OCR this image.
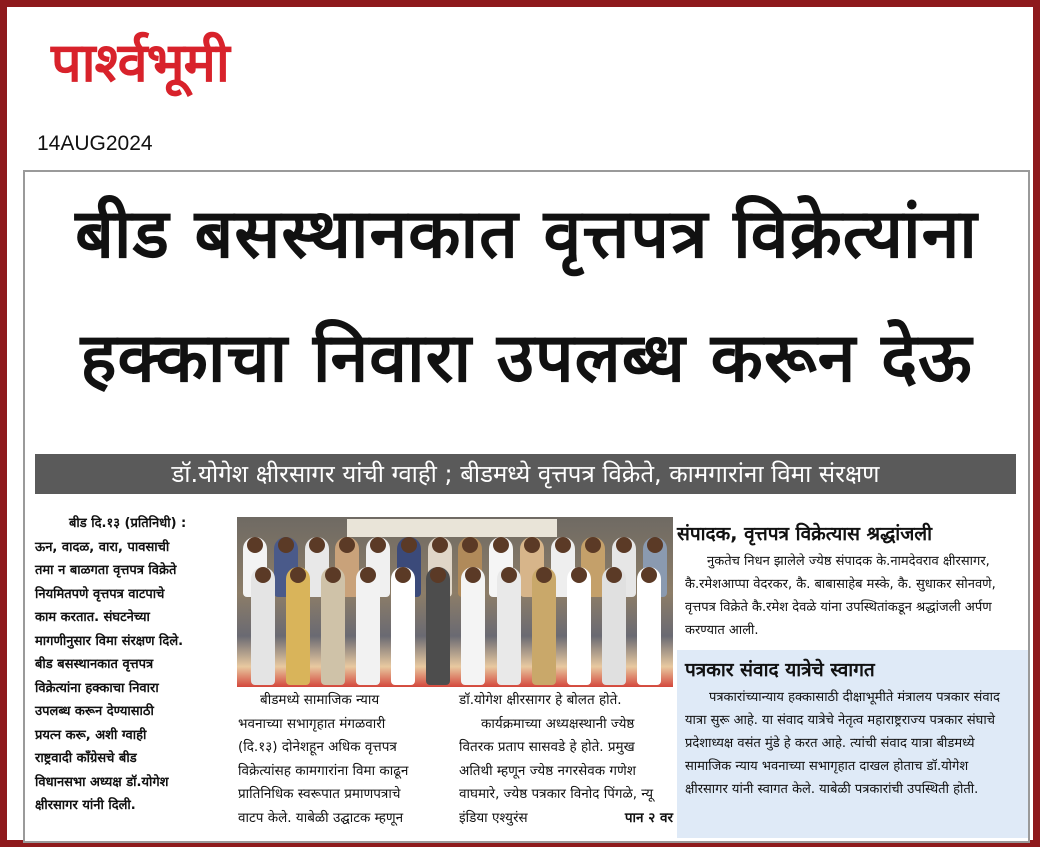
पार्श्वभूमी
14AUG2024
बीड बसस्थानकात वृत्तपत्र विक्रेत्यांना
हक्काचा निवारा उपलब्ध करून देऊ
डॉ.योगेश क्षीरसागर यांची ग्वाही ; बीडमध्ये वृत्तपत्र विक्रेते, कामगारांना विमा संरक्षण
बीड दि.१३ (प्रतिनिधी) :
ऊन, वादळ, वारा, पावसाची
तमा न बाळगता वृत्तपत्र विक्रेते
नियमितपणे वृत्तपत्र वाटपाचे
काम करतात. संघटनेच्या
मागणीनुसार विमा संरक्षण दिले.
बीड बसस्थानकात वृत्तपत्र
विक्रेत्यांना हक्काचा निवारा
उपलब्ध करून देण्यासाठी
प्रयत्न करू, अशी ग्वाही
राष्ट्रवादी काँग्रेसचे बीड
विधानसभा अध्यक्ष डॉ.योगेश
क्षीरसागर यांनी दिली.
बीडमध्ये सामाजिक न्याय
भवनाच्या सभागृहात मंगळवारी
(दि.१३) दोनेशहून अधिक वृत्तपत्र
विक्रेत्यांसह कामगारांना विमा काढून
प्रातिनिधिक स्वरूपात प्रमाणपत्राचे
वाटप केले. याबेळी उद्घाटक म्हणून
डॉ.योगेश क्षीरसागर हे बोलत होते.
कार्यक्रमाच्या अध्यक्षस्थानी ज्येष्ठ
वितरक प्रताप सासवडे हे होते. प्रमुख
अतिथी म्हणून ज्येष्ठ नगरसेवक गणेश
वाघमारे, ज्येष्ठ पत्रकार विनोद पिंगळे, न्यू
इंडिया एश्युरंस	पान २ वर
संपादक, वृत्तपत्र विक्रेत्यास श्रद्धांजली
नुकतेच निधन झालेले ज्येष्ठ संपादक के.नामदेवराव क्षीरसागर,
कै.रमेशआप्पा वेदरकर, कै. बाबासाहेब मस्के, कै. सुधाकर सोनवणे,
वृत्तपत्र विक्रेते कै.रमेश देवळे यांना उपस्थितांकडून श्रद्धांजली अर्पण
करण्यात आली.
पत्रकार संवाद यात्रेचे स्वागत
पत्रकारांच्यान्याय हक्कासाठी दीक्षाभूमीते मंत्रालय पत्रकार संवाद
यात्रा सुरू आहे. या संवाद यात्रेचे नेतृत्व महाराष्ट्रराज्य पत्रकार संघाचे
प्रदेशाध्यक्ष वसंत मुंडे हे करत आहे. त्यांची संवाद यात्रा बीडमध्ये
सामाजिक न्याय भवनाच्या सभागृहात दाखल होताच डॉ.योगेश
क्षीरसागर यांनी स्वागत केले. याबेळी पत्रकारांची उपस्थिती होती.
